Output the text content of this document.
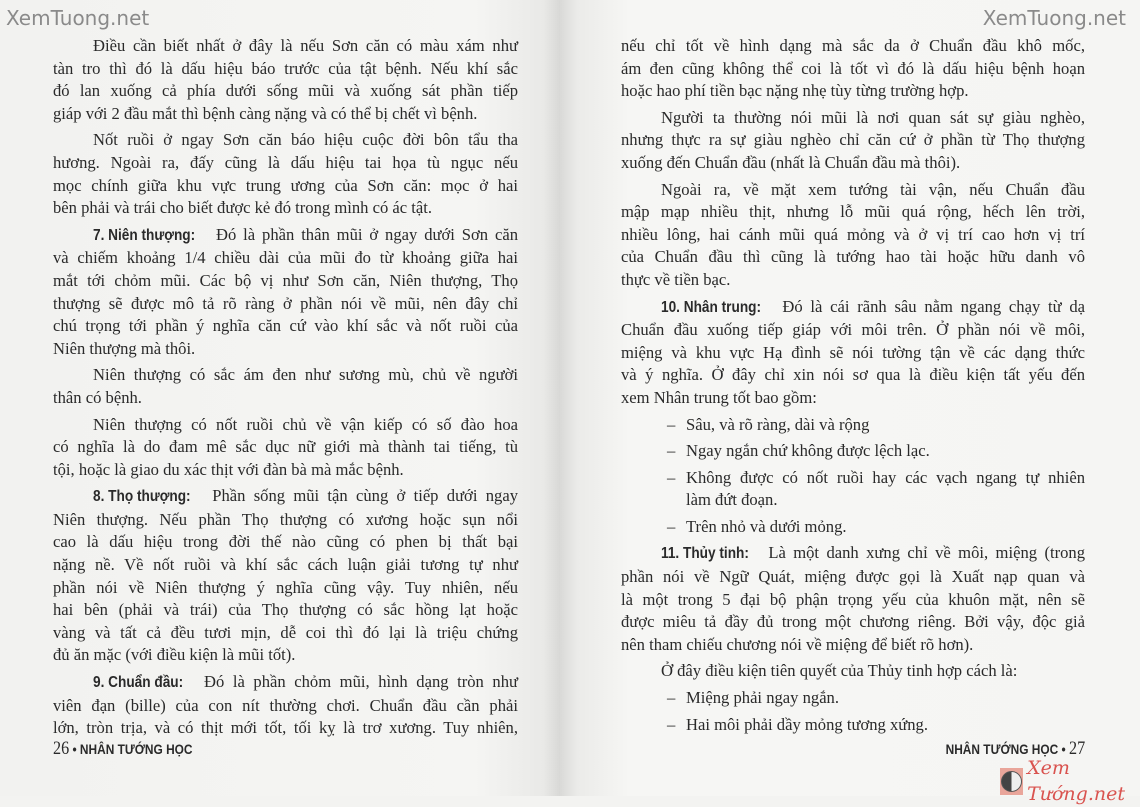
XemTuong.net
Điều cần biết nhất ở đây là nếu Sơn căn có màu xám như
tàn tro thì đó là dấu hiệu báo trước của tật bệnh. Nếu khí sắc
đó lan xuống cả phía dưới sống mũi và xuống sát phần tiếp
giáp với 2 đầu mắt thì bệnh càng nặng và có thể bị chết vì bệnh.
Nốt ruồi ở ngay Sơn căn báo hiệu cuộc đời bôn tẩu tha
hương. Ngoài ra, đấy cũng là dấu hiệu tai họa tù ngục nếu
mọc chính giữa khu vực trung ương của Sơn căn: mọc ở hai
bên phải và trái cho biết được kẻ đó trong mình có ác tật.
7. Niên thượng: Đó là phần thân mũi ở ngay dưới Sơn căn
và chiếm khoảng 1/4 chiều dài của mũi đo từ khoảng giữa hai
mắt tới chỏm mũi. Các bộ vị như Sơn căn, Niên thượng, Thọ
thượng sẽ được mô tả rõ ràng ở phần nói về mũi, nên đây chỉ
chú trọng tới phần ý nghĩa căn cứ vào khí sắc và nốt ruồi của
Niên thượng mà thôi.
Niên thượng có sắc ám đen như sương mù, chủ về người
thân có bệnh.
Niên thượng có nốt ruồi chủ về vận kiếp có số đào hoa
có nghĩa là do đam mê sắc dục nữ giới mà thành tai tiếng, tù
tội, hoặc là giao du xác thịt với đàn bà mà mắc bệnh.
8. Thọ thượng: Phần sống mũi tận cùng ở tiếp dưới ngay
Niên thượng. Nếu phần Thọ thượng có xương hoặc sụn nổi
cao là dấu hiệu trong đời thế nào cũng có phen bị thất bại
nặng nề. Về nốt ruồi và khí sắc cách luận giải tương tự như
phần nói về Niên thượng ý nghĩa cũng vậy. Tuy nhiên, nếu
hai bên (phải và trái) của Thọ thượng có sắc hồng lạt hoặc
vàng và tất cả đều tươi mịn, dễ coi thì đó lại là triệu chứng
đủ ăn mặc (với điều kiện là mũi tốt).
9. Chuẩn đầu: Đó là phần chỏm mũi, hình dạng tròn như
viên đạn (bille) của con nít thường chơi. Chuẩn đầu cần phải
lớn, tròn trịa, và có thịt mới tốt, tối kỵ là trơ xương. Tuy nhiên,
26 • NHÂN TƯỚNG HỌC
XemTuong.net
nếu chỉ tốt về hình dạng mà sắc da ở Chuẩn đầu khô mốc,
ám đen cũng không thể coi là tốt vì đó là dấu hiệu bệnh hoạn
hoặc hao phí tiền bạc nặng nhẹ tùy từng trường hợp.
Người ta thường nói mũi là nơi quan sát sự giàu nghèo,
nhưng thực ra sự giàu nghèo chỉ căn cứ ở phần từ Thọ thượng
xuống đến Chuẩn đầu (nhất là Chuẩn đầu mà thôi).
Ngoài ra, về mặt xem tướng tài vận, nếu Chuẩn đầu
mập mạp nhiều thịt, nhưng lỗ mũi quá rộng, hếch lên trời,
nhiều lông, hai cánh mũi quá mỏng và ở vị trí cao hơn vị trí
của Chuẩn đầu thì cũng là tướng hao tài hoặc hữu danh vô
thực về tiền bạc.
10. Nhân trung: Đó là cái rãnh sâu nằm ngang chạy từ dạ
Chuẩn đầu xuống tiếp giáp với môi trên. Ở phần nói về môi,
miệng và khu vực Hạ đình sẽ nói tường tận về các dạng thức
và ý nghĩa. Ở đây chỉ xin nói sơ qua là điều kiện tất yếu đến
xem Nhân trung tốt bao gồm:
– Sâu, và rõ ràng, dài và rộng
– Ngay ngắn chứ không được lệch lạc.
– Không được có nốt ruồi hay các vạch ngang tự nhiên
làm đứt đoạn.
– Trên nhỏ và dưới mỏng.
11. Thủy tinh: Là một danh xưng chỉ về môi, miệng (trong
phần nói về Ngữ Quát, miệng được gọi là Xuất nạp quan và
là một trong 5 đại bộ phận trọng yếu của khuôn mặt, nên sẽ
được miêu tả đầy đủ trong một chương riêng. Bởi vậy, độc giả
nên tham chiếu chương nói về miệng để biết rõ hơn).
Ở đây điều kiện tiên quyết của Thủy tinh hợp cách là:
– Miệng phải ngay ngắn.
– Hai môi phải dầy mỏng tương xứng.
NHÂN TƯỚNG HỌC • 27
Xem Tướng.net
